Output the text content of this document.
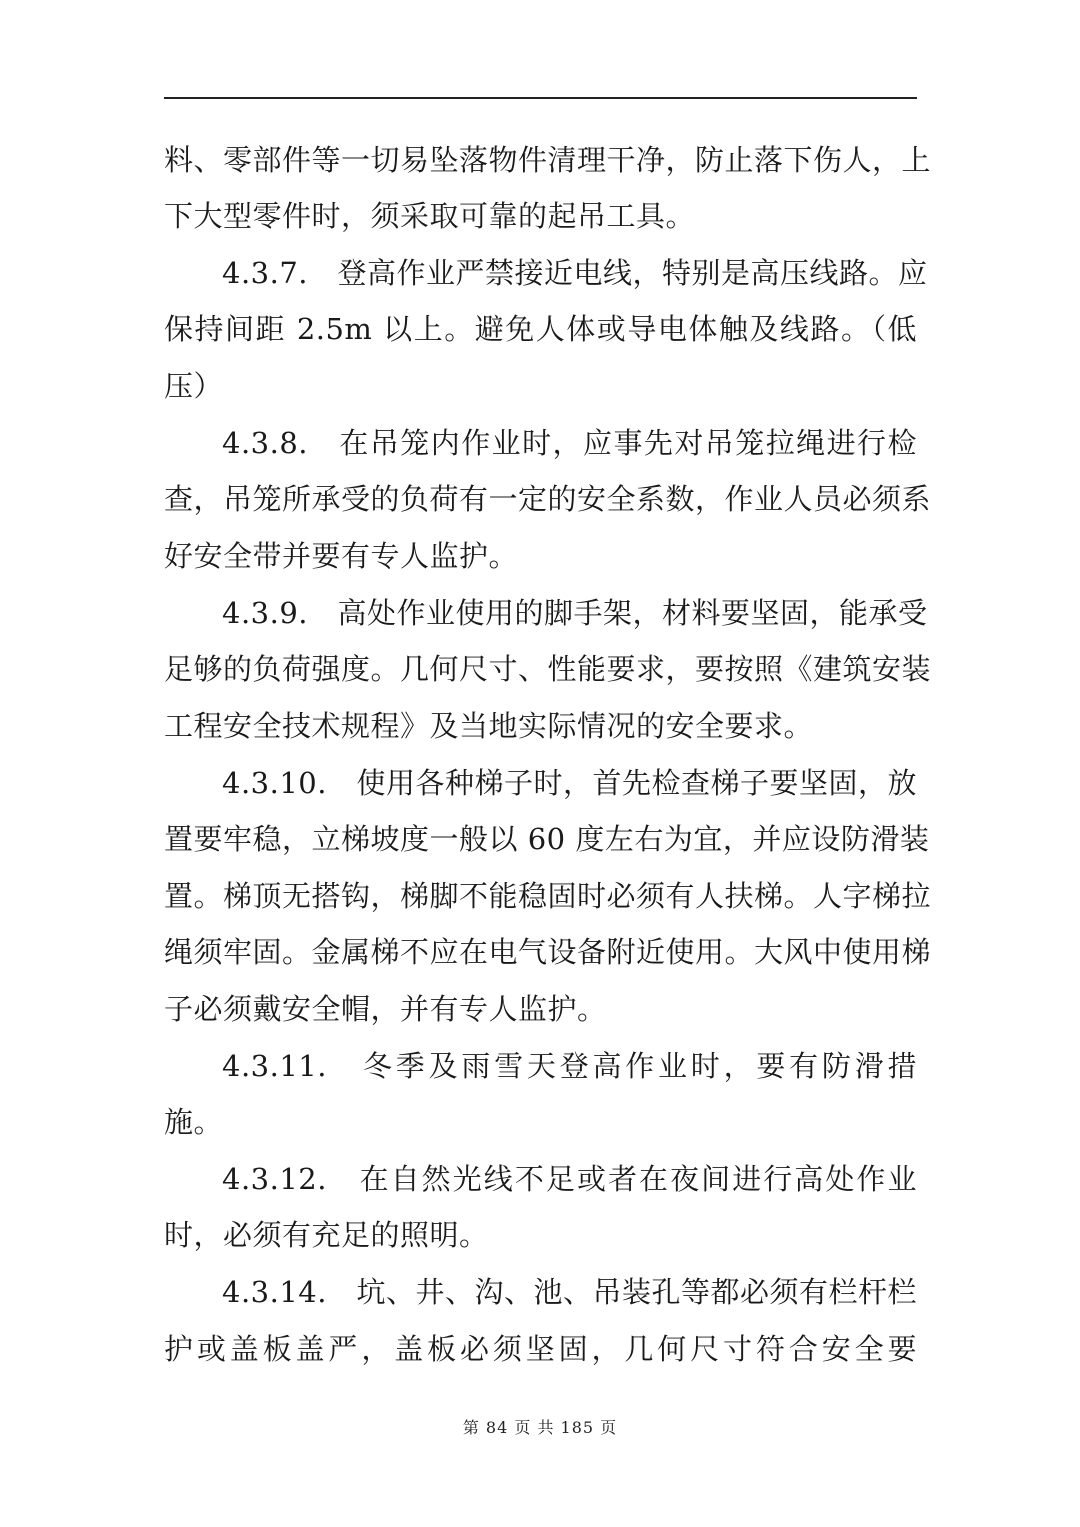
料、零部件等一切易坠落物件清理干净，防止落下伤人，上
下大型零件时，须采取可靠的起吊工具。
4.3.7.　登高作业严禁接近电线，特别是高压线路。应
保持间距 2.5m 以上。避免人体或导电体触及线路。（低
压）
4.3.8.　在吊笼内作业时，应事先对吊笼拉绳进行检
查，吊笼所承受的负荷有一定的安全系数，作业人员必须系
好安全带并要有专人监护。
4.3.9.　高处作业使用的脚手架，材料要坚固，能承受
足够的负荷强度。几何尺寸、性能要求，要按照《建筑安装
工程安全技术规程》及当地实际情况的安全要求。
4.3.10.　使用各种梯子时，首先检查梯子要坚固，放
置要牢稳，立梯坡度一般以 60 度左右为宜，并应设防滑装
置。梯顶无搭钩，梯脚不能稳固时必须有人扶梯。人字梯拉
绳须牢固。金属梯不应在电气设备附近使用。大风中使用梯
子必须戴安全帽，并有专人监护。
4.3.11.　冬季及雨雪天登高作业时，要有防滑措
施。
4.3.12.　在自然光线不足或者在夜间进行高处作业
时，必须有充足的照明。
4.3.14.　坑、井、沟、池、吊装孔等都必须有栏杆栏
护或盖板盖严，盖板必须坚固，几何尺寸符合安全要
第 84 页 共 185 页
